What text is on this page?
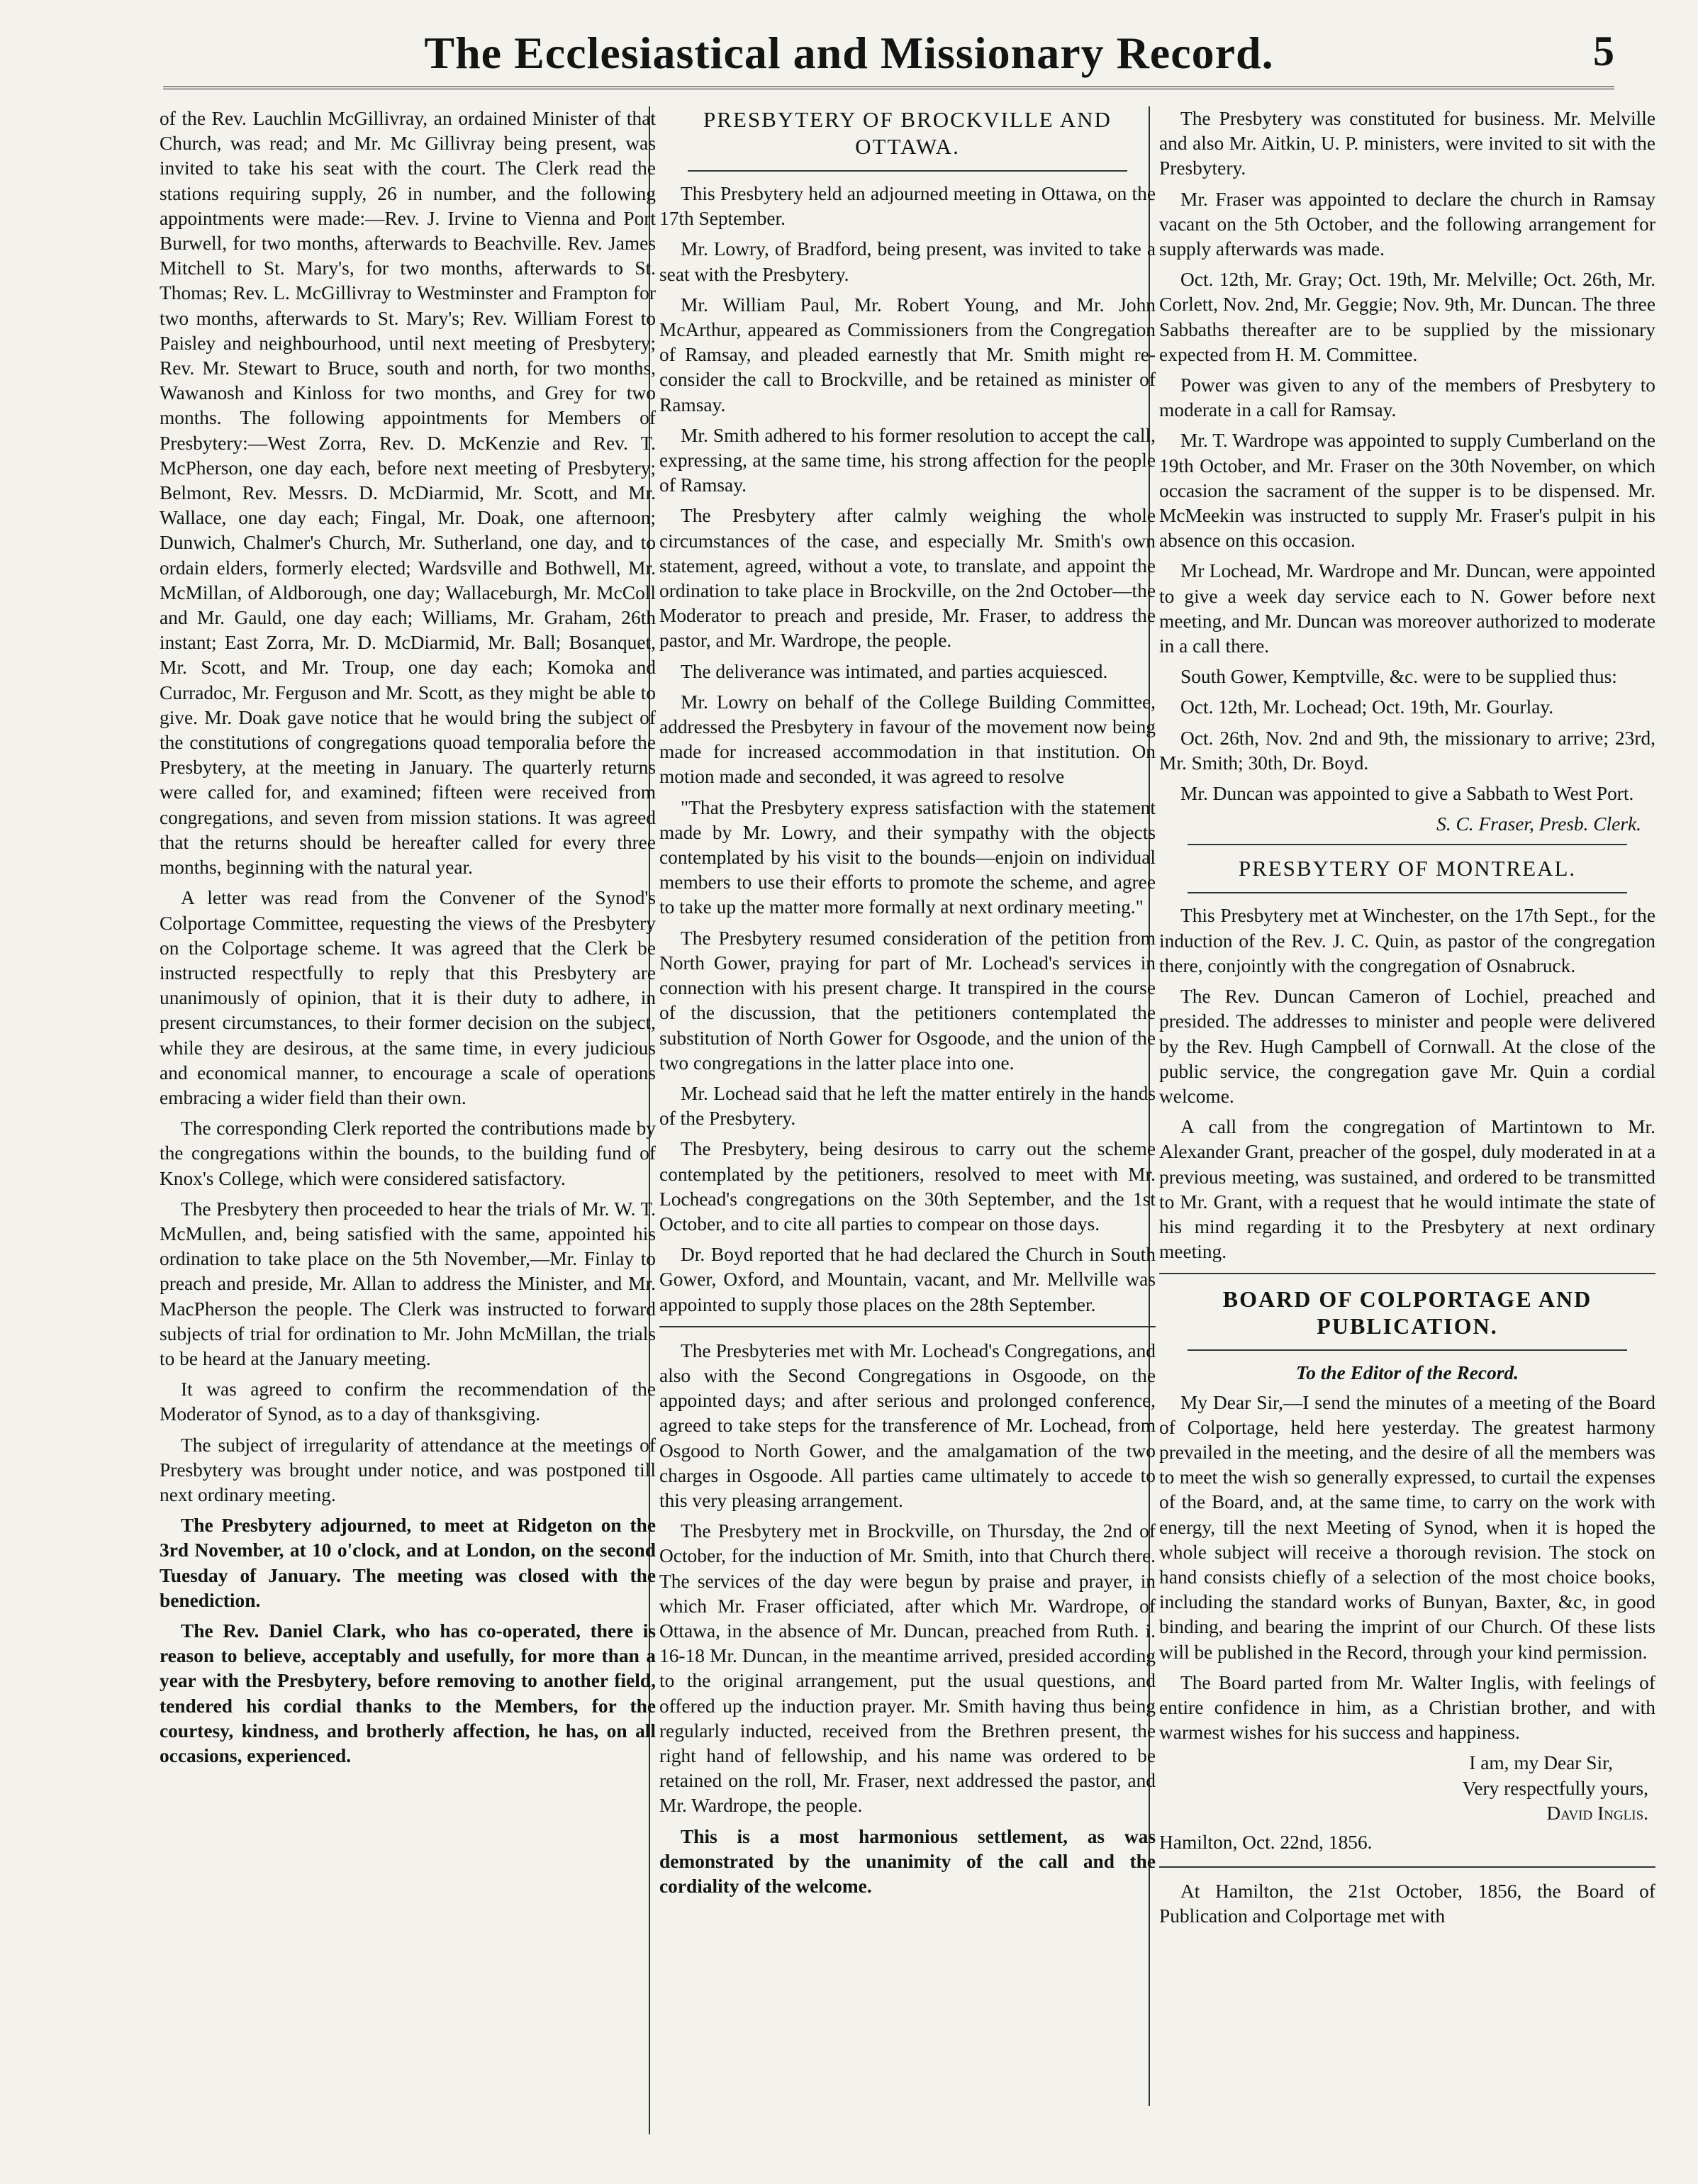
The Ecclesiastical and Missionary Record.	5

of the Rev. Lauchlin McGillivray, an ordained Minister of that Church, was read; and Mr. Mc Gillivray being present, was invited to take his seat with the court. The Clerk read the stations requiring supply, 26 in number, and the following appointments were made:—Rev. J. Irvine to Vienna and Port Burwell, for two months, afterwards to Beachville. Rev. James Mitchell to St. Mary's, for two months, afterwards to St. Thomas; Rev. L. McGillivray to Westminster and Frampton for two months, afterwards to St. Mary's; Rev. William Forest to Paisley and neighbourhood, until next meeting of Presbytery; Rev. Mr. Stewart to Bruce, south and north, for two months, Wawanosh and Kinloss for two months, and Grey for two months. The following appointments for Members of Presbytery:—West Zorra, Rev. D. McKenzie and Rev. T. McPherson, one day each, before next meeting of Presbytery; Belmont, Rev. Messrs. D. McDiarmid, Mr. Scott, and Mr. Wallace, one day each; Fingal, Mr. Doak, one afternoon; Dunwich, Chalmer's Church, Mr. Sutherland, one day, and to ordain elders, formerly elected; Wardsville and Bothwell, Mr. McMillan, of Aldborough, one day; Wallaceburgh, Mr. McColl and Mr. Gauld, one day each; Williams, Mr. Graham, 26th instant; East Zorra, Mr. D. McDiarmid, Mr. Ball; Bosanquet, Mr. Scott, and Mr. Troup, one day each; Komoka and Curradoc, Mr. Ferguson and Mr. Scott, as they might be able to give. Mr. Doak gave notice that he would bring the subject of the constitutions of congregations quoad temporalia before the Presbytery, at the meeting in January. The quarterly returns were called for, and examined; fifteen were received from congregations, and seven from mission stations. It was agreed that the returns should be hereafter called for every three months, beginning with the natural year.

A letter was read from the Convener of the Synod's Colportage Committee, requesting the views of the Presbytery on the Colportage scheme. It was agreed that the Clerk be instructed respectfully to reply that this Presbytery are unanimously of opinion, that it is their duty to adhere, in present circumstances, to their former decision on the subject, while they are desirous, at the same time, in every judicious and economical manner, to encourage a scale of operations embracing a wider field than their own.

The corresponding Clerk reported the contributions made by the congregations within the bounds, to the building fund of Knox's College, which were considered satisfactory.

The Presbytery then proceeded to hear the trials of Mr. W. T. McMullen, and, being satisfied with the same, appointed his ordination to take place on the 5th November,—Mr. Finlay to preach and preside, Mr. Allan to address the Minister, and Mr. MacPherson the people. The Clerk was instructed to forward subjects of trial for ordination to Mr. John McMillan, the trials to be heard at the January meeting.

It was agreed to confirm the recommendation of the Moderator of Synod, as to a day of thanksgiving.

The subject of irregularity of attendance at the meetings of Presbytery was brought under notice, and was postponed till next ordinary meeting.

The Presbytery adjourned, to meet at Ridgeton on the 3rd November, at 10 o'clock, and at London, on the second Tuesday of January. The meeting was closed with the benediction.

The Rev. Daniel Clark, who has co-operated, there is reason to believe, acceptably and usefully, for more than a year with the Presbytery, before removing to another field, tendered his cordial thanks to the Members, for the courtesy, kindness, and brotherly affection, he has, on all occasions, experienced.

PRESBYTERY OF BROCKVILLE AND OTTAWA.

This Presbytery held an adjourned meeting in Ottawa, on the 17th September.

Mr. Lowry, of Bradford, being present, was invited to take a seat with the Presbytery.

Mr. William Paul, Mr. Robert Young, and Mr. John McArthur, appeared as Commissioners from the Congregation of Ramsay, and pleaded earnestly that Mr. Smith might re-consider the call to Brockville, and be retained as minister of Ramsay.

Mr. Smith adhered to his former resolution to accept the call, expressing, at the same time, his strong affection for the people of Ramsay.

The Presbytery after calmly weighing the whole circumstances of the case, and especially Mr. Smith's own statement, agreed, without a vote, to translate, and appoint the ordination to take place in Brockville, on the 2nd October—the Moderator to preach and preside, Mr. Fraser, to address the pastor, and Mr. Wardrope, the people.

The deliverance was intimated, and parties acquiesced.

Mr. Lowry on behalf of the College Building Committee, addressed the Presbytery in favour of the movement now being made for increased accommodation in that institution. On motion made and seconded, it was agreed to resolve

"That the Presbytery express satisfaction with the statement made by Mr. Lowry, and their sympathy with the objects contemplated by his visit to the bounds—enjoin on individual members to use their efforts to promote the scheme, and agree to take up the matter more formally at next ordinary meeting."

The Presbytery resumed consideration of the petition from North Gower, praying for part of Mr. Lochead's services in connection with his present charge. It transpired in the course of the discussion, that the petitioners contemplated the substitution of North Gower for Osgoode, and the union of the two congregations in the latter place into one.

Mr. Lochead said that he left the matter entirely in the hands of the Presbytery.

The Presbytery, being desirous to carry out the scheme contemplated by the petitioners, resolved to meet with Mr. Lochead's congregations on the 30th September, and the 1st October, and to cite all parties to compear on those days.

Dr. Boyd reported that he had declared the Church in South Gower, Oxford, and Mountain, vacant, and Mr. Mellville was appointed to supply those places on the 28th September.

The Presbyteries met with Mr. Lochead's Congregations, and also with the Second Congregations in Osgoode, on the appointed days; and after serious and prolonged conference, agreed to take steps for the transference of Mr. Lochead, from Osgood to North Gower, and the amalgamation of the two charges in Osgoode. All parties came ultimately to accede to this very pleasing arrangement.

The Presbytery met in Brockville, on Thursday, the 2nd of October, for the induction of Mr. Smith, into that Church there. The services of the day were begun by praise and prayer, in which Mr. Fraser officiated, after which Mr. Wardrope, of Ottawa, in the absence of Mr. Duncan, preached from Ruth. i. 16-18 Mr. Duncan, in the meantime arrived, presided according to the original arrangement, put the usual questions, and offered up the induction prayer. Mr. Smith having thus being regularly inducted, received from the Brethren present, the right hand of fellowship, and his name was ordered to be retained on the roll, Mr. Fraser, next addressed the pastor, and Mr. Wardrope, the people.

This is a most harmonious settlement, as was demonstrated by the unanimity of the call and the cordiality of the welcome.

The Presbytery was constituted for business. Mr. Melville and also Mr. Aitkin, U. P. ministers, were invited to sit with the Presbytery.

Mr. Fraser was appointed to declare the church in Ramsay vacant on the 5th October, and the following arrangement for supply afterwards was made.

Oct. 12th, Mr. Gray; Oct. 19th, Mr. Melville; Oct. 26th, Mr. Corlett, Nov. 2nd, Mr. Geggie; Nov. 9th, Mr. Duncan. The three Sabbaths thereafter are to be supplied by the missionary expected from H. M. Committee.

Power was given to any of the members of Presbytery to moderate in a call for Ramsay.

Mr. T. Wardrope was appointed to supply Cumberland on the 19th October, and Mr. Fraser on the 30th November, on which occasion the sacrament of the supper is to be dispensed. Mr. McMeekin was instructed to supply Mr. Fraser's pulpit in his absence on this occasion.

Mr Lochead, Mr. Wardrope and Mr. Duncan, were appointed to give a week day service each to N. Gower before next meeting, and Mr. Duncan was moreover authorized to moderate in a call there.

South Gower, Kemptville, &c. were to be supplied thus:

Oct. 12th, Mr. Lochead; Oct. 19th, Mr. Gourlay.

Oct. 26th, Nov. 2nd and 9th, the missionary to arrive; 23rd, Mr. Smith; 30th, Dr. Boyd.

Mr. Duncan was appointed to give a Sabbath to West Port.

S. C. Fraser, Presb. Clerk.
PRESBYTERY OF MONTREAL.

This Presbytery met at Winchester, on the 17th Sept., for the induction of the Rev. J. C. Quin, as pastor of the congregation there, conjointly with the congregation of Osnabruck.

The Rev. Duncan Cameron of Lochiel, preached and presided. The addresses to minister and people were delivered by the Rev. Hugh Campbell of Cornwall. At the close of the public service, the congregation gave Mr. Quin a cordial welcome.

A call from the congregation of Martintown to Mr. Alexander Grant, preacher of the gospel, duly moderated in at a previous meeting, was sustained, and ordered to be transmitted to Mr. Grant, with a request that he would intimate the state of his mind regarding it to the Presbytery at next ordinary meeting.

BOARD OF COLPORTAGE AND PUBLICATION.
To the Editor of the Record.

My Dear Sir,—I send the minutes of a meeting of the Board of Colportage, held here yesterday. The greatest harmony prevailed in the meeting, and the desire of all the members was to meet the wish so generally expressed, to curtail the expenses of the Board, and, at the same time, to carry on the work with energy, till the next Meeting of Synod, when it is hoped the whole subject will receive a thorough revision. The stock on hand consists chiefly of a selection of the most choice books, including the standard works of Bunyan, Baxter, &c, in good binding, and bearing the imprint of our Church. Of these lists will be published in the Record, through your kind permission.

The Board parted from Mr. Walter Inglis, with feelings of entire confidence in him, as a Christian brother, and with warmest wishes for his success and happiness.

I am, my Dear Sir,
Very respectfully yours,
David Inglis.
Hamilton, Oct. 22nd, 1856.

At Hamilton, the 21st October, 1856, the Board of Publication and Colportage met with
